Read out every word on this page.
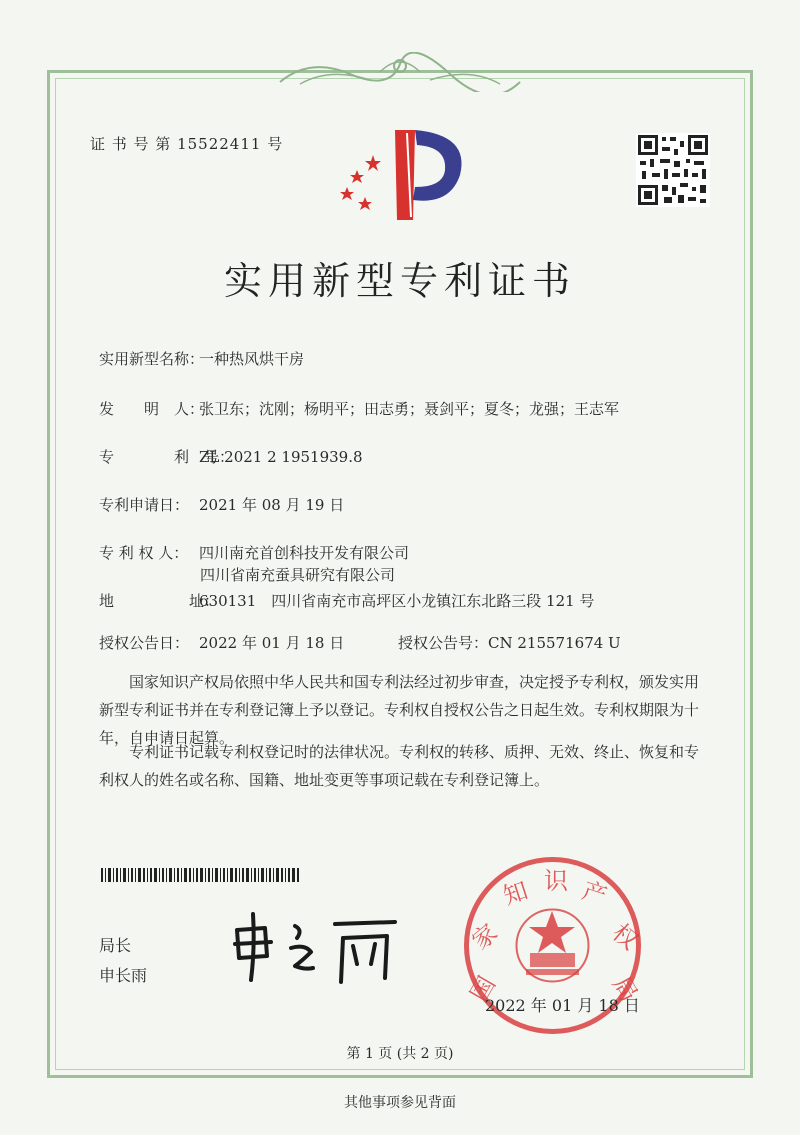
证 书 号 第 15522411 号
实用新型专利证书
实用新型名称：一种热风烘干房
发　　明　人：张卫东；沈刚；杨明平；田志勇；聂剑平；夏冬；龙强；王志军
专　　　　利　号：ZL 2021 2 1951939.8
专利申请日： 2021 年 08 月 19 日
专 利 权 人： 四川南充首创科技开发有限公司
四川省南充蚕具研究有限公司
地　　　　　址：630131　四川省南充市高坪区小龙镇江东北路三段 121 号
授权公告日： 2022 年 01 月 18 日	授权公告号：CN 215571674 U
国家知识产权局依照中华人民共和国专利法经过初步审查，决定授予专利权，颁发实用新型专利证书并在专利登记簿上予以登记。专利权自授权公告之日起生效。专利权期限为十年，自申请日起算。
专利证书记载专利权登记时的法律状况。专利权的转移、质押、无效、终止、恢复和专利权人的姓名或名称、国籍、地址变更等事项记载在专利登记簿上。
局长
申长雨	国
家
知 识 产
权
局
2022 年 01 月 18 日
第 1 页 (共 2 页)
其他事项参见背面
